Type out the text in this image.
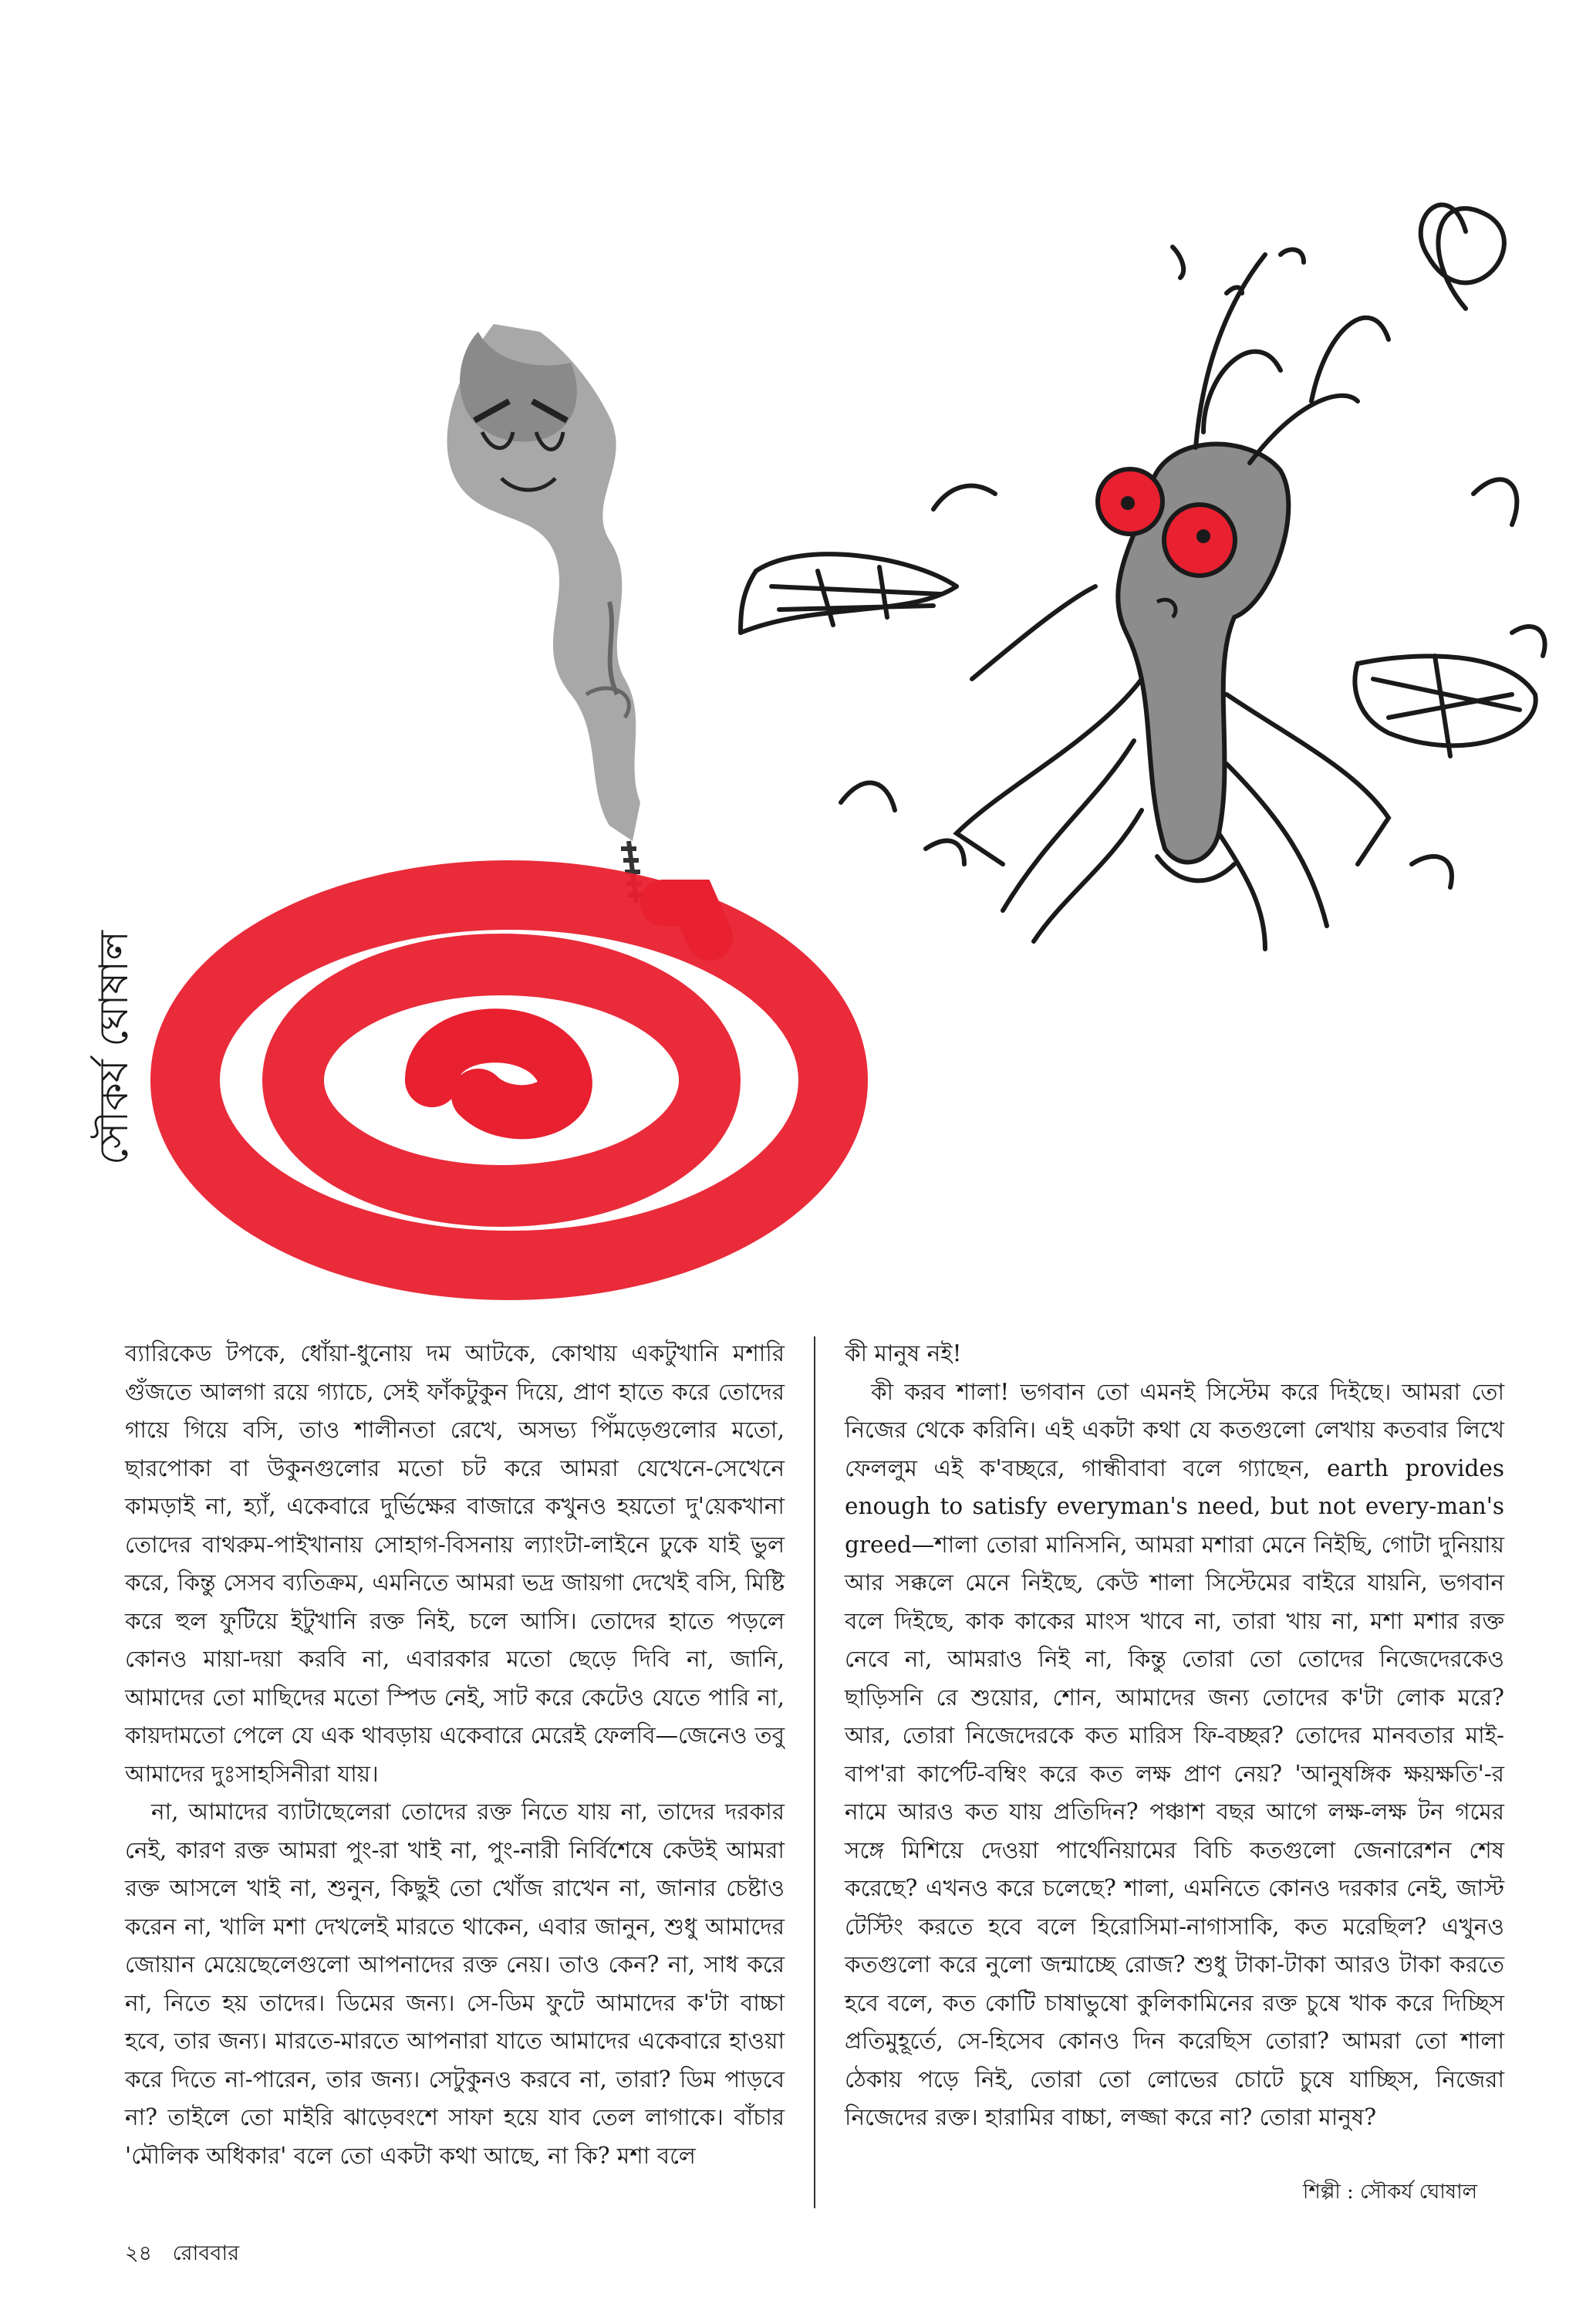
সৌকর্য ঘোষাল

ব্যারিকেড টপকে, ধোঁয়া-ধুনোয় দম আটকে, কোথায় একটুখানি মশারি গুঁজতে আলগা রয়ে গ্যাচে, সেই ফাঁকটুকুন দিয়ে, প্রাণ হাতে করে তোদের গায়ে গিয়ে বসি, তাও শালীনতা রেখে, অসভ্য পিঁমড়েগুলোর মতো, ছারপোকা বা উকুনগুলোর মতো চট করে আমরা যেখেনে-সেখেনে কামড়াই না, হ্যাঁ, একেবারে দুর্ভিক্ষের বাজারে কখুনও হয়তো দু'য়েকখানা তোদের বাথরুম-পাইখানায় সোহাগ-বিসনায় ল্যাংটা-লাইনে ঢুকে যাই ভুল করে, কিন্তু সেসব ব্যতিক্রম, এমনিতে আমরা ভদ্র জায়গা দেখেই বসি, মিষ্টি করে হুল ফুটিয়ে ইটুখানি রক্ত নিই, চলে আসি। তোদের হাতে পড়লে কোনও মায়া-দয়া করবি না, এবারকার মতো ছেড়ে দিবি না, জানি, আমাদের তো মাছিদের মতো স্পিড নেই, সাট করে কেটেও যেতে পারি না, কায়দামতো পেলে যে এক থাবড়ায় একেবারে মেরেই ফেলবি—জেনেও তবু আমাদের দুঃসাহসিনীরা যায়।

না, আমাদের ব্যাটাছেলেরা তোদের রক্ত নিতে যায় না, তাদের দরকার নেই, কারণ রক্ত আমরা পুং-রা খাই না, পুং-নারী নির্বিশেষে কেউই আমরা রক্ত আসলে খাই না, শুনুন, কিছুই তো খোঁজ রাখেন না, জানার চেষ্টাও করেন না, খালি মশা দেখলেই মারতে থাকেন, এবার জানুন, শুধু আমাদের জোয়ান মেয়েছেলেগুলো আপনাদের রক্ত নেয়। তাও কেন? না, সাধ করে না, নিতে হয় তাদের। ডিমের জন্য। সে-ডিম ফুটে আমাদের ক'টা বাচ্চা হবে, তার জন্য। মারতে-মারতে আপনারা যাতে আমাদের একেবারে হাওয়া করে দিতে না-পারেন, তার জন্য। সেটুকুনও করবে না, তারা? ডিম পাড়বে না? তাইলে তো মাইরি ঝাড়েবংশে সাফা হয়ে যাব তেল লাগাকে। বাঁচার 'মৌলিক অধিকার' বলে তো একটা কথা আছে, না কি? মশা বলে

কী মানুষ নই!

কী করব শালা! ভগবান তো এমনই সিস্টেম করে দিইছে। আমরা তো নিজের থেকে করিনি। এই একটা কথা যে কতগুলো লেখায় কতবার লিখে ফেললুম এই ক'বচ্ছরে, গান্ধীবাবা বলে গ্যাছেন, earth provides enough to satisfy everyman's need, but not every-man's greed—শালা তোরা মানিসনি, আমরা মশারা মেনে নিইছি, গোটা দুনিয়ায় আর সক্কলে মেনে নিইছে, কেউ শালা সিস্টেমের বাইরে যায়নি, ভগবান বলে দিইছে, কাক কাকের মাংস খাবে না, তারা খায় না, মশা মশার রক্ত নেবে না, আমরাও নিই না, কিন্তু তোরা তো তোদের নিজেদেরকেও ছাড়িসনি রে শুয়োর, শোন, আমাদের জন্য তোদের ক'টা লোক মরে? আর, তোরা নিজেদেরকে কত মারিস ফি-বচ্ছর? তোদের মানবতার মাই-বাপ'রা কার্পেট-বম্বিং করে কত লক্ষ প্রাণ নেয়? 'আনুষঙ্গিক ক্ষয়ক্ষতি'-র নামে আরও কত যায় প্রতিদিন? পঞ্চাশ বছর আগে লক্ষ-লক্ষ টন গমের সঙ্গে মিশিয়ে দেওয়া পার্থেনিয়ামের বিচি কতগুলো জেনারেশন শেষ করেছে? এখনও করে চলেছে? শালা, এমনিতে কোনও দরকার নেই, জাস্ট টেস্টিং করতে হবে বলে হিরোসিমা-নাগাসাকি, কত মরেছিল? এখুনও কতগুলো করে নুলো জন্মাচ্ছে রোজ? শুধু টাকা-টাকা আরও টাকা করতে হবে বলে, কত কোটি চাষাভুষো কুলিকামিনের রক্ত চুষে খাক করে দিচ্ছিস প্রতিমুহূর্তে, সে-হিসেব কোনও দিন করেছিস তোরা? আমরা তো শালা ঠেকায় পড়ে নিই, তোরা তো লোভের চোটে চুষে যাচ্ছিস, নিজেরা নিজেদের রক্ত। হারামির বাচ্চা, লজ্জা করে না? তোরা মানুষ?

শিল্পী : সৌকর্য ঘোষাল
২৪ রোববার
